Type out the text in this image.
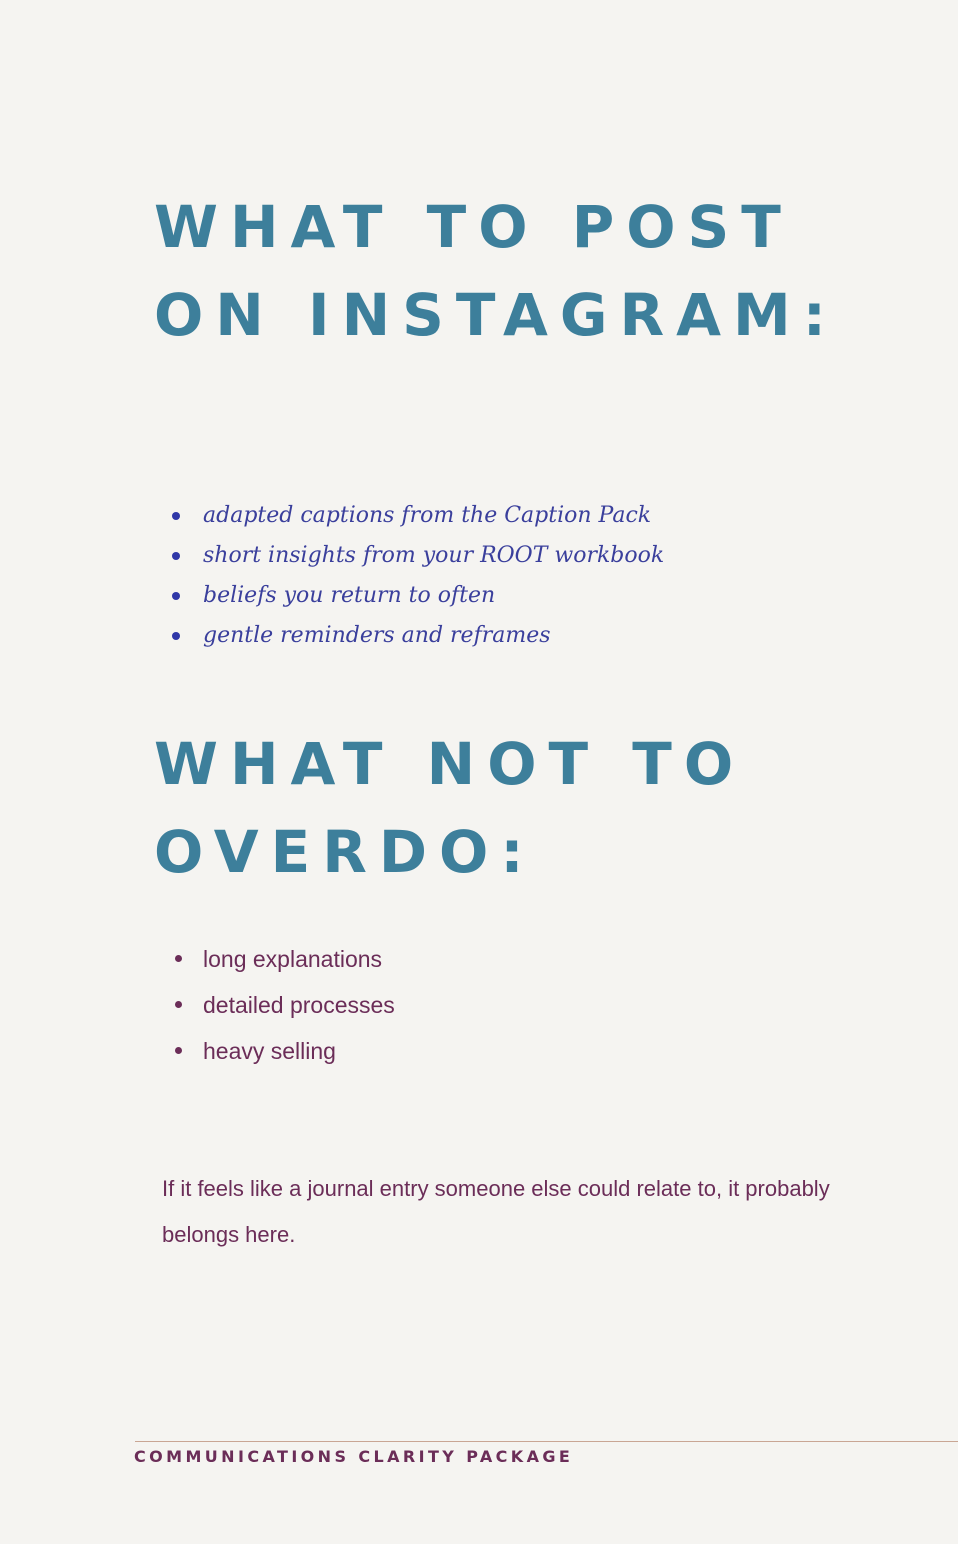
WHAT TO POST
ON INSTAGRAM:
adapted captions from the Caption Pack
short insights from your ROOT workbook
beliefs you return to often
gentle reminders and reframes
WHAT NOT TO
OVERDO:
long explanations
detailed processes
heavy selling

If it feels like a journal entry someone else could relate to, it probably belongs here.

COMMUNICATIONS CLARITY PACKAGE
